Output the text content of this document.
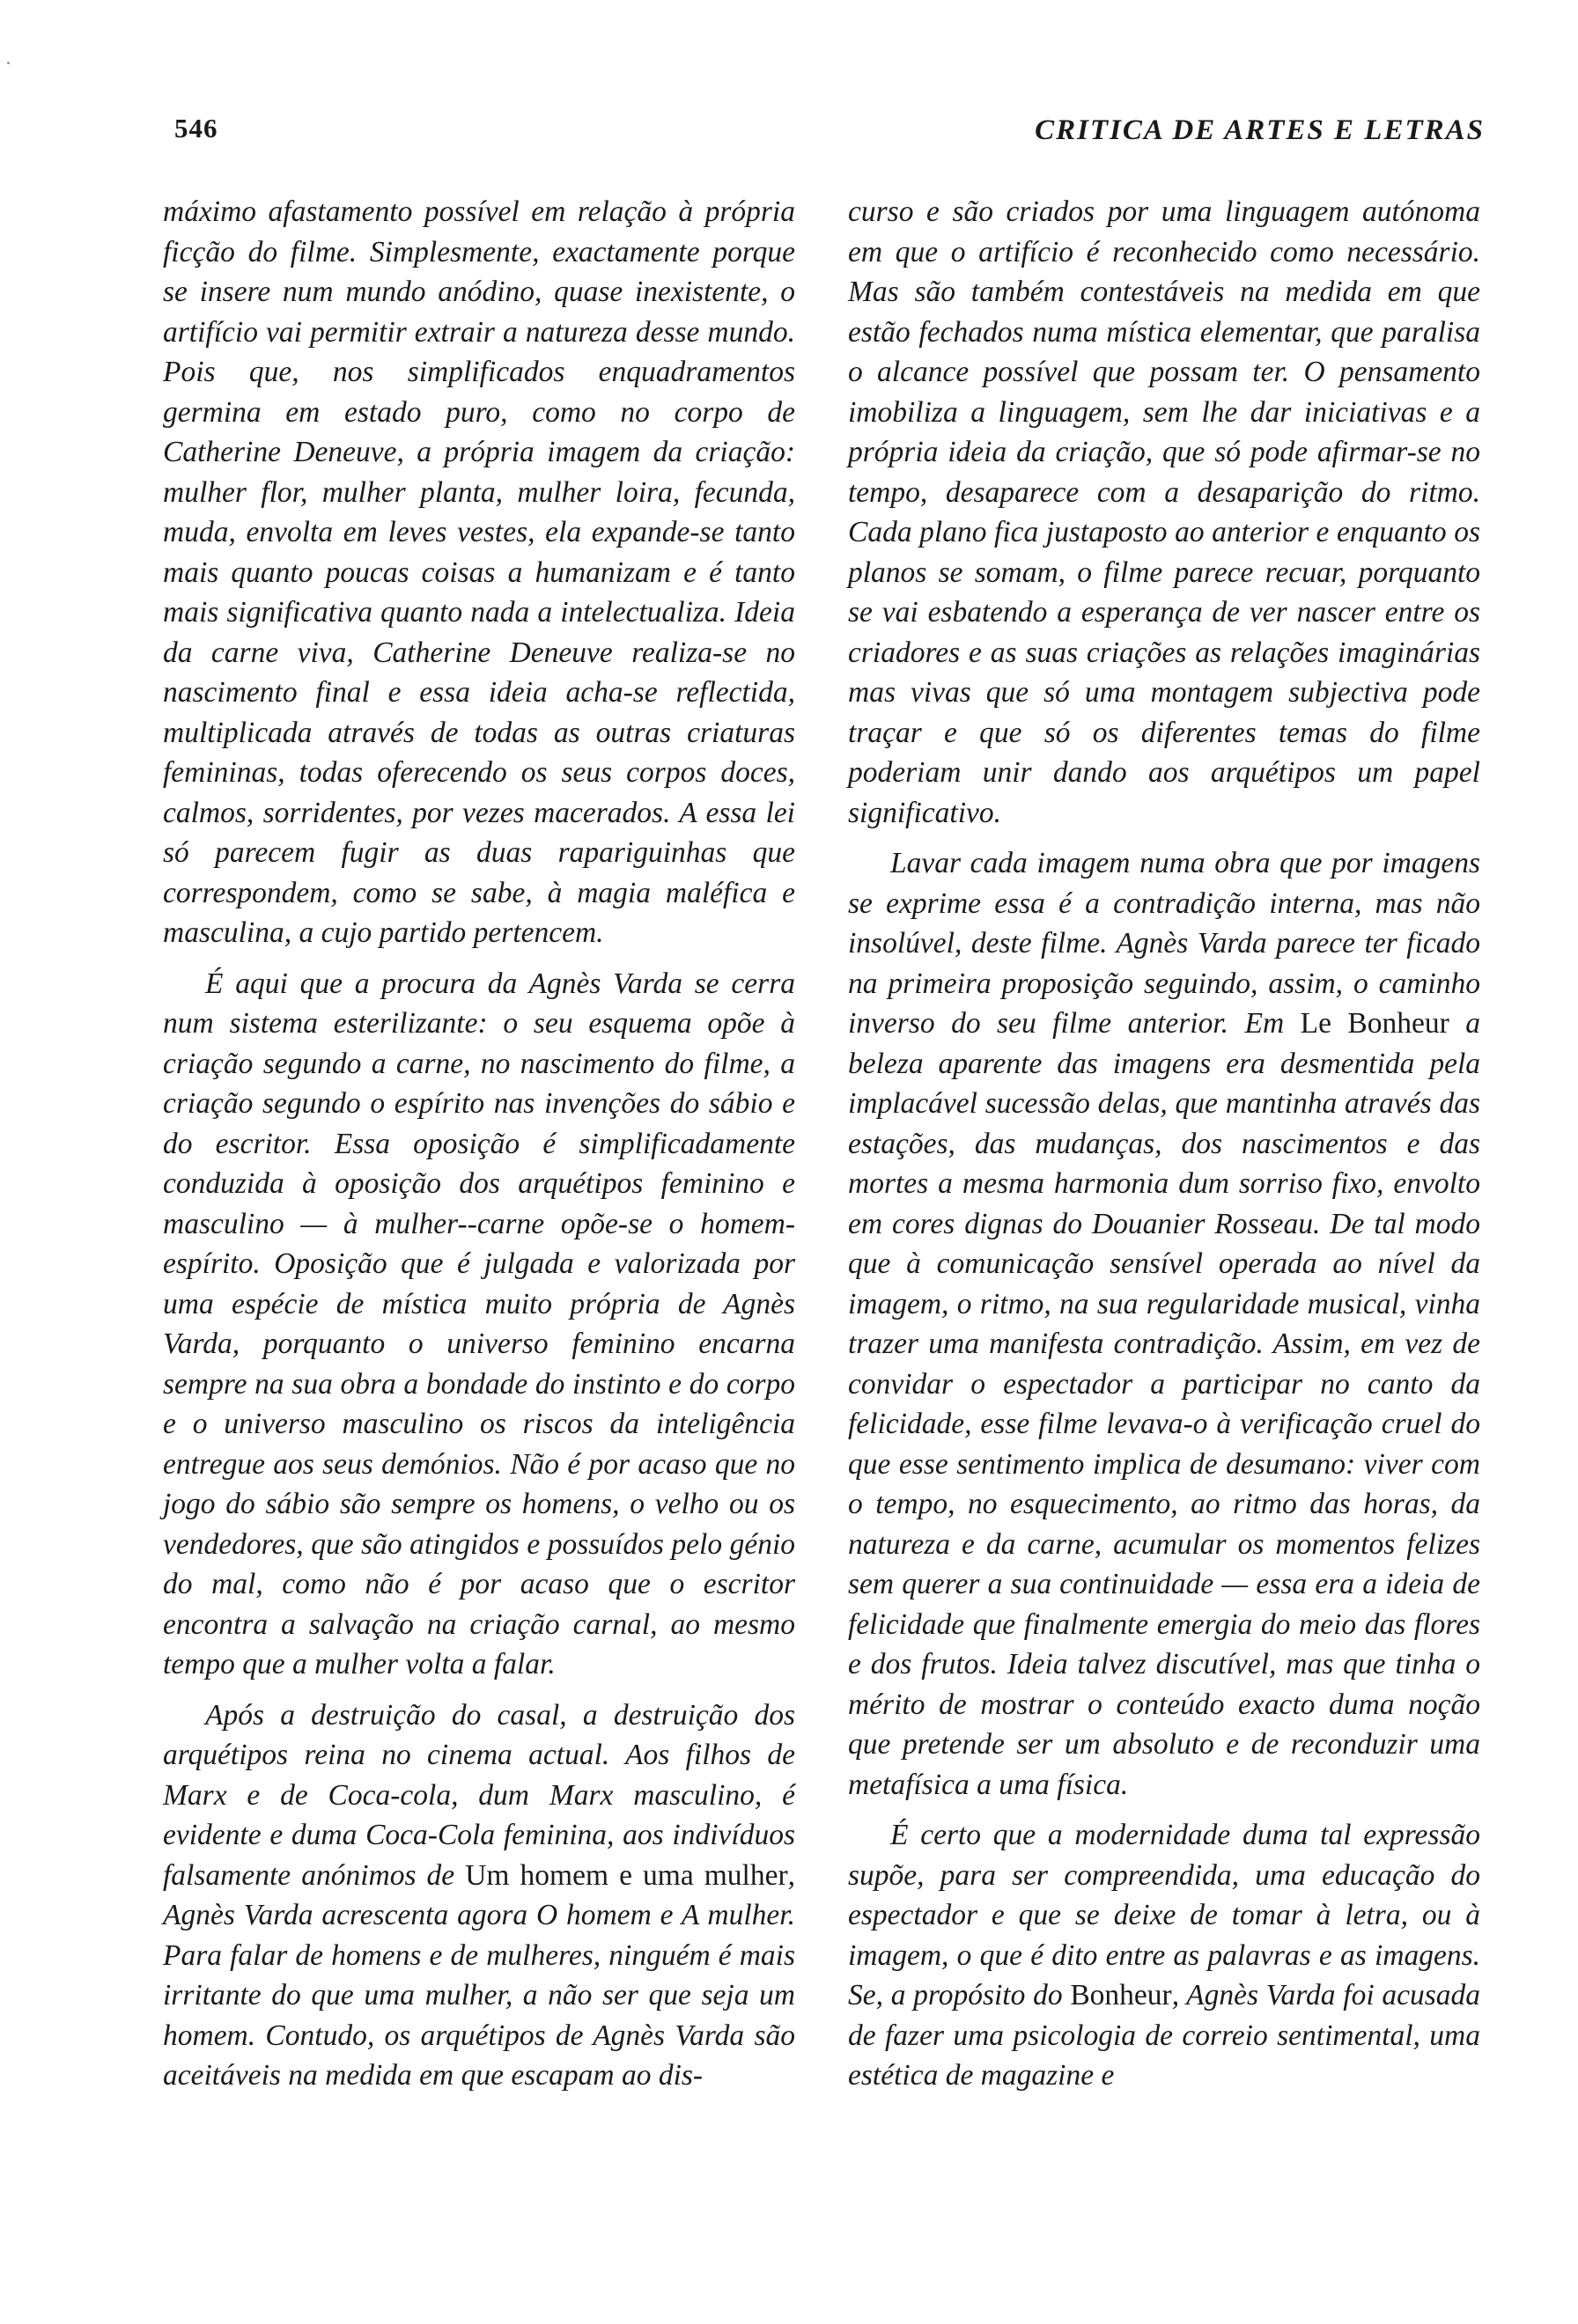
546	CRITICA DE ARTES E LETRAS

máximo afastamento possível em relação à própria ficção do filme. Simplesmente, exactamente porque se insere num mundo anódino, quase inexistente, o artifício vai permitir extrair a natureza desse mundo. Pois que, nos simplificados enquadramentos germina em estado puro, como no corpo de Catherine Deneuve, a própria imagem da criação: mulher flor, mulher planta, mulher loira, fecunda, muda, envolta em leves vestes, ela expande-se tanto mais quanto poucas coisas a humanizam e é tanto mais significativa quanto nada a intelectualiza. Ideia da carne viva, Catherine Deneuve realiza-se no nascimento final e essa ideia acha-se reflectida, multiplicada através de todas as outras criaturas femininas, todas oferecendo os seus corpos doces, calmos, sorridentes, por vezes macerados. A essa lei só parecem fugir as duas rapariguinhas que correspondem, como se sabe, à magia maléfica e masculina, a cujo partido pertencem.

É aqui que a procura da Agnès Varda se cerra num sistema esterilizante: o seu esquema opõe à criação segundo a carne, no nascimento do filme, a criação segundo o espírito nas invenções do sábio e do escritor. Essa oposição é simplificadamente conduzida à oposição dos arquétipos feminino e masculino — à mulher--carne opõe-se o homem-espírito. Oposição que é julgada e valorizada por uma espécie de mística muito própria de Agnès Varda, porquanto o universo feminino encarna sempre na sua obra a bondade do instinto e do corpo e o universo masculino os riscos da inteligência entregue aos seus demónios. Não é por acaso que no jogo do sábio são sempre os homens, o velho ou os vendedores, que são atingidos e possuídos pelo génio do mal, como não é por acaso que o escritor encontra a salvação na criação carnal, ao mesmo tempo que a mulher volta a falar.

Após a destruição do casal, a destruição dos arquétipos reina no cinema actual. Aos filhos de Marx e de Coca-cola, dum Marx masculino, é evidente e duma Coca-Cola feminina, aos indivíduos falsamente anónimos de Um homem e uma mulher, Agnès Varda acrescenta agora O homem e A mulher. Para falar de homens e de mulheres, ninguém é mais irritante do que uma mulher, a não ser que seja um homem. Contudo, os arquétipos de Agnès Varda são aceitáveis na medida em que escapam ao dis-

curso e são criados por uma linguagem autónoma em que o artifício é reconhecido como necessário. Mas são também contestáveis na medida em que estão fechados numa mística elementar, que paralisa o alcance possível que possam ter. O pensamento imobiliza a linguagem, sem lhe dar iniciativas e a própria ideia da criação, que só pode afirmar-se no tempo, desaparece com a desaparição do ritmo. Cada plano fica justaposto ao anterior e enquanto os planos se somam, o filme parece recuar, porquanto se vai esbatendo a esperança de ver nascer entre os criadores e as suas criações as relações imaginárias mas vivas que só uma montagem subjectiva pode traçar e que só os diferentes temas do filme poderiam unir dando aos arquétipos um papel significativo.

Lavar cada imagem numa obra que por imagens se exprime essa é a contradição interna, mas não insolúvel, deste filme. Agnès Varda parece ter ficado na primeira proposição seguindo, assim, o caminho inverso do seu filme anterior. Em Le Bonheur a beleza aparente das imagens era desmentida pela implacável sucessão delas, que mantinha através das estações, das mudanças, dos nascimentos e das mortes a mesma harmonia dum sorriso fixo, envolto em cores dignas do Douanier Rosseau. De tal modo que à comunicação sensível operada ao nível da imagem, o ritmo, na sua regularidade musical, vinha trazer uma manifesta contradição. Assim, em vez de convidar o espectador a participar no canto da felicidade, esse filme levava-o à verificação cruel do que esse sentimento implica de desumano: viver com o tempo, no esquecimento, ao ritmo das horas, da natureza e da carne, acumular os momentos felizes sem querer a sua continuidade — essa era a ideia de felicidade que finalmente emergia do meio das flores e dos frutos. Ideia talvez discutível, mas que tinha o mérito de mostrar o conteúdo exacto duma noção que pretende ser um absoluto e de reconduzir uma metafísica a uma física.

É certo que a modernidade duma tal expressão supõe, para ser compreendida, uma educação do espectador e que se deixe de tomar à letra, ou à imagem, o que é dito entre as palavras e as imagens. Se, a propósito do Bonheur, Agnès Varda foi acusada de fazer uma psicologia de correio sentimental, uma estética de magazine e
